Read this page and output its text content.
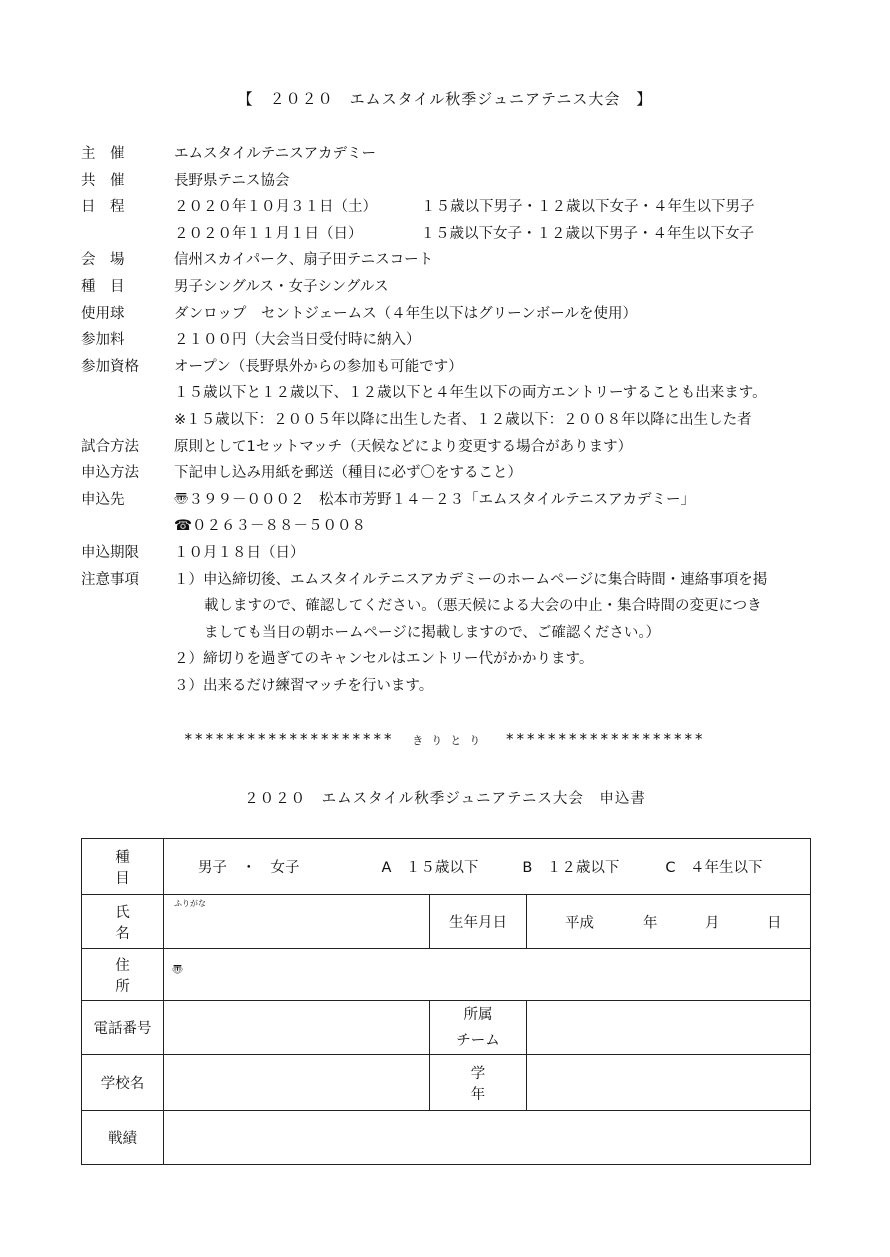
【　２０２０　エムスタイル秋季ジュニアテニス大会　】
主　催	エムスタイルテニスアカデミー
共　催	長野県テニス協会
日　程	２０２０年１０月３１日（土）	１５歳以下男子・１２歳以下女子・４年生以下男子
２０２０年１１月１日（日）	１５歳以下女子・１２歳以下男子・４年生以下女子
会　場	信州スカイパーク、扇子田テニスコート
種　目	男子シングルス・女子シングルス
使用球	ダンロップ　セントジェームス（４年生以下はグリーンボールを使用）
参加料	２１００円（大会当日受付時に納入）
参加資格	オープン（長野県外からの参加も可能です）
１５歳以下と１２歳以下、１２歳以下と４年生以下の両方エントリーすることも出来ます。
※１５歳以下：２００５年以降に出生した者、１２歳以下：２００８年以降に出生した者
試合方法	原則として1セットマッチ（天候などにより変更する場合があります）
申込方法	下記申し込み用紙を郵送（種目に必ず〇をすること）
申込先	〠３９９－０００２　松本市芳野１４－２３「エムスタイルテニスアカデミー」
☎０２６３－８８－５００８
申込期限	１０月１８日（日）
注意事項	１）申込締切後、エムスタイルテニスアカデミーのホームページに集合時間・連絡事項を掲
載しますので、確認してください。（悪天候による大会の中止・集合時間の変更につき
ましても当日の朝ホームページに掲載しますので、ご確認ください。）
２）締切りを過ぎてのキャンセルはエントリー代がかかります。
３）出来るだけ練習マッチを行います。
******************** きりとり *******************
２０２０　エムスタイル秋季ジュニアテニス大会　申込書
種　目	男子　・　女子 A　１５歳以下 B　１２歳以下 C　４年生以下		

氏　名	ふりがな	生年月日	平成 年 月 日

住　所	〠		

電話番号		所属
チーム	

学校名		学　年	
戦績			
